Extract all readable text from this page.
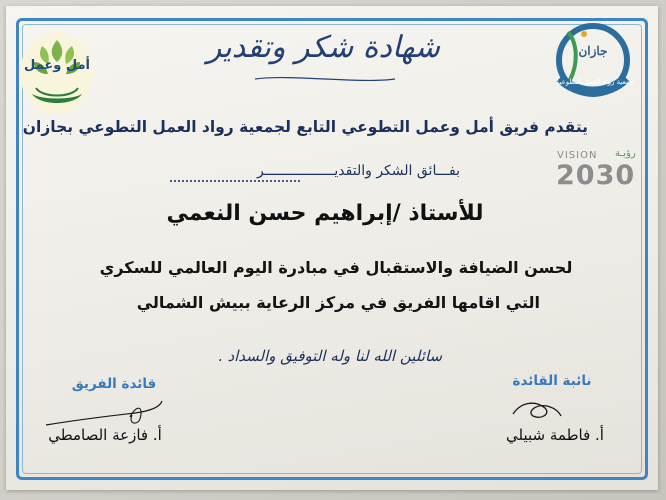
أمل وعمل
شهادة شكر وتقدير	جازان
جمعية رواد العمل التطوعية
VISION رؤيـة
2030
يتقدم فريق أمل وعمل التطوعي التابع لجمعية رواد العمل التطوعي بجازان
بفـــائق الشكر والتقديـــــــــــــــــر
للأستاذ /إبراهيم حسن النعمي
لحسن الضيافة والاستقبال في مبادرة اليوم العالمي للسكري
التي اقامها الفريق في مركز الرعاية ببيش الشمالي
سائلين الله لنا وله التوفيق والسداد .
قائدة الفريق
أ. فازعة الصامطي
نائبة القائدة
أ. فاطمة شبيلي
